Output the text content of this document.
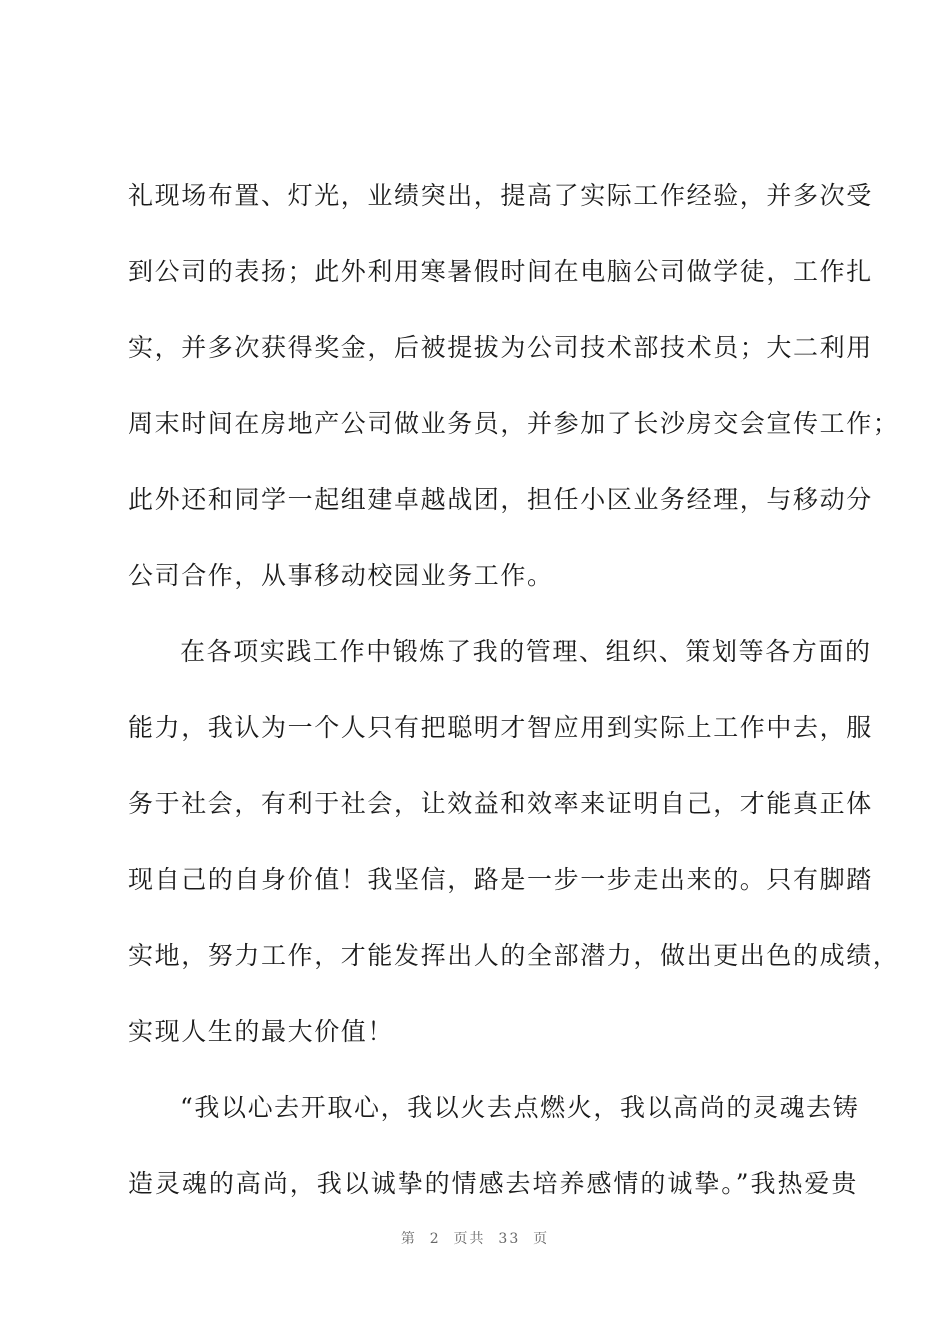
礼现场布置、灯光，业绩突出，提高了实际工作经验，并多次受
到公司的表扬；此外利用寒暑假时间在电脑公司做学徒，工作扎
实，并多次获得奖金，后被提拔为公司技术部技术员；大二利用
周末时间在房地产公司做业务员，并参加了长沙房交会宣传工作；
此外还和同学一起组建卓越战团，担任小区业务经理，与移动分
公司合作，从事移动校园业务工作。
在各项实践工作中锻炼了我的管理、组织、策划等各方面的
能力，我认为一个人只有把聪明才智应用到实际上工作中去，服
务于社会，有利于社会，让效益和效率来证明自己，才能真正体
现自己的自身价值！我坚信，路是一步一步走出来的。只有脚踏
实地，努力工作，才能发挥出人的全部潜力，做出更出色的成绩，
实现人生的最大价值！
“我以心去开取心，我以火去点燃火，我以高尚的灵魂去铸
造灵魂的高尚，我以诚挚的情感去培养感情的诚挚。”我热爱贵
第  2  页共  33  页
